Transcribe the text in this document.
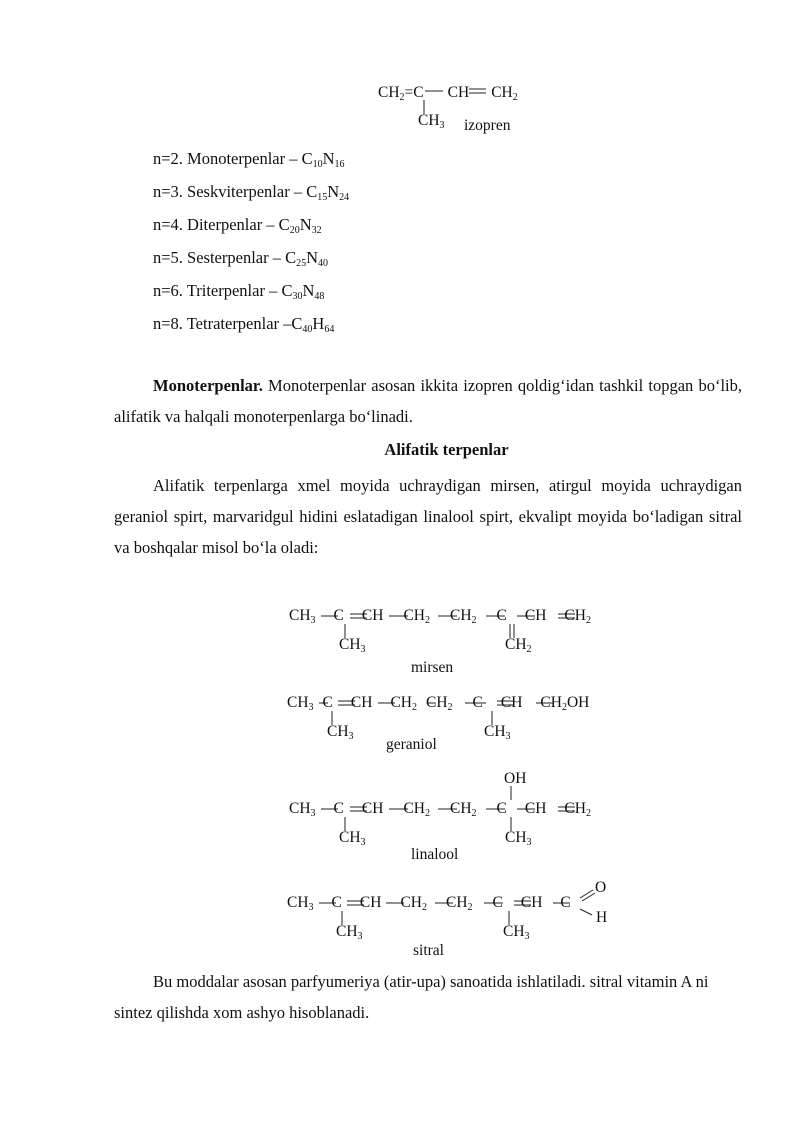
$CH_2=C$ CH $CH_2$
$CH_3$ izopren
n=2. Monoterpenlar – $C_{10}N_{16}$
n=3. Seskviterpenlar – $C_{15}N_{24}$
n=4. Diterpenlar – $C_{20}N_{32}$
n=5. Sesterpenlar – $C_{25}N_{40}$
n=6. Triterpenlar – $C_{30}N_{48}$
n=8. Tetraterpenlar $-C_{40}H_{64}$
Monoterpenlar. Monoterpenlar asosan ikkita izopren qoldig‘idan tashkil topgan bo‘lib, alifatik va halqali monoterpenlarga bo‘linadi.
Alifatik terpenlar
Alifatik terpenlarga xmel moyida uchraydigan mirsen, atirgul moyida uchraydigan geraniol spirt, marvaridgul hidini eslatadigan linalool spirt, ekvalipt moyida bo‘ladigan sitral va boshqalar misol bo‘la oladi:
$CH_3$ C CH $CH_2$ $CH_2$ C CH $CH_2$
$CH_3$	$CH_2$
mirsen
$CH_3$ C CH $CH_2$ $CH_2$ C CH $CH_2OH$
$CH_3$	$CH_3$
geraniol
OH
$CH_3$ C CH $CH_2$ $CH_2$ C CH $CH_2$
$CH_3$	$CH_3$
linalool
O
$CH_3$ C CH $CH_2$ $CH_2$ C CH C
H
$CH_3$	$CH_3$
sitral
Bu moddalar asosan parfyumeriya (atir-upa) sanoatida ishlatiladi. sitral vitamin A ni sintez qilishda xom ashyo hisoblanadi.
